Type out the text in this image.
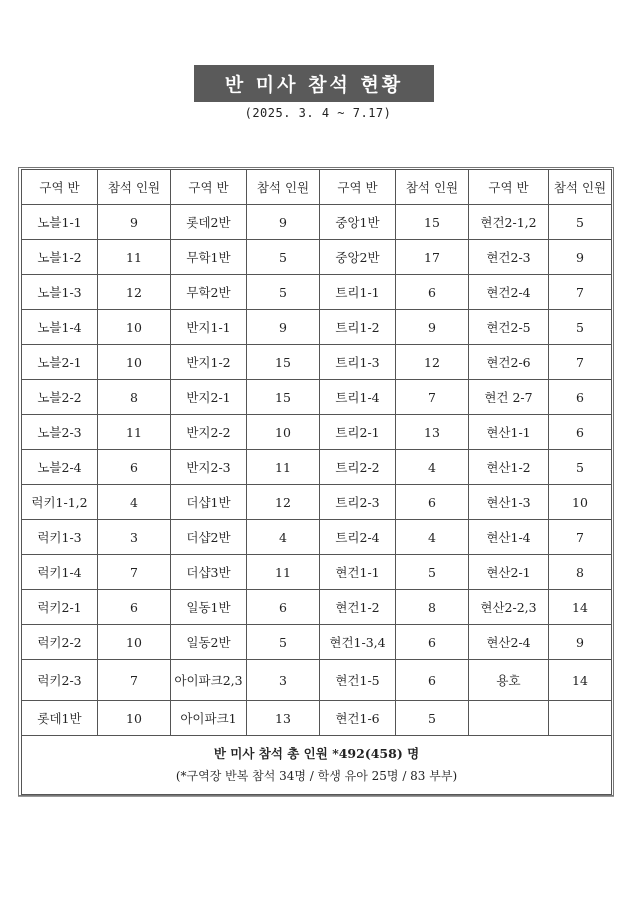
반 미사 참석 현황
(2025. 3. 4 ~ 7.17)
구역 반	참석 인원	구역 반	참석 인원	구역 반	참석 인원	구역 반	참석 인원
노블1-1	9	롯데2반	9	중앙1반	15	현건2-1,2	5
노블1-2	11	무학1반	5	중앙2반	17	현건2-3	9
노블1-3	12	무학2반	5	트리1-1	6	현건2-4	7
노블1-4	10	반지1-1	9	트리1-2	9	현건2-5	5
노블2-1	10	반지1-2	15	트리1-3	12	현건2-6	7
노블2-2	8	반지2-1	15	트리1-4	7	현건 2-7	6
노블2-3	11	반지2-2	10	트리2-1	13	현산1-1	6
노블2-4	6	반지2-3	11	트리2-2	4	현산1-2	5
럭키1-1,2	4	더샵1반	12	트리2-3	6	현산1-3	10
럭키1-3	3	더샵2반	4	트리2-4	4	현산1-4	7
럭키1-4	7	더샵3반	11	현건1-1	5	현산2-1	8
럭키2-1	6	일동1반	6	현건1-2	8	현산2-2,3	14
럭키2-2	10	일동2반	5	현건1-3,4	6	현산2-4	9
럭키2-3	7	아이파크2,3	3	현건1-5	6	용호	14
롯데1반	10	아이파크1	13	현건1-6	5		

반 미사 참석 총 인원 *492(458) 명
(*구역장 반복 참석 34명 / 학생 유아 25명 / 83 부부)							
